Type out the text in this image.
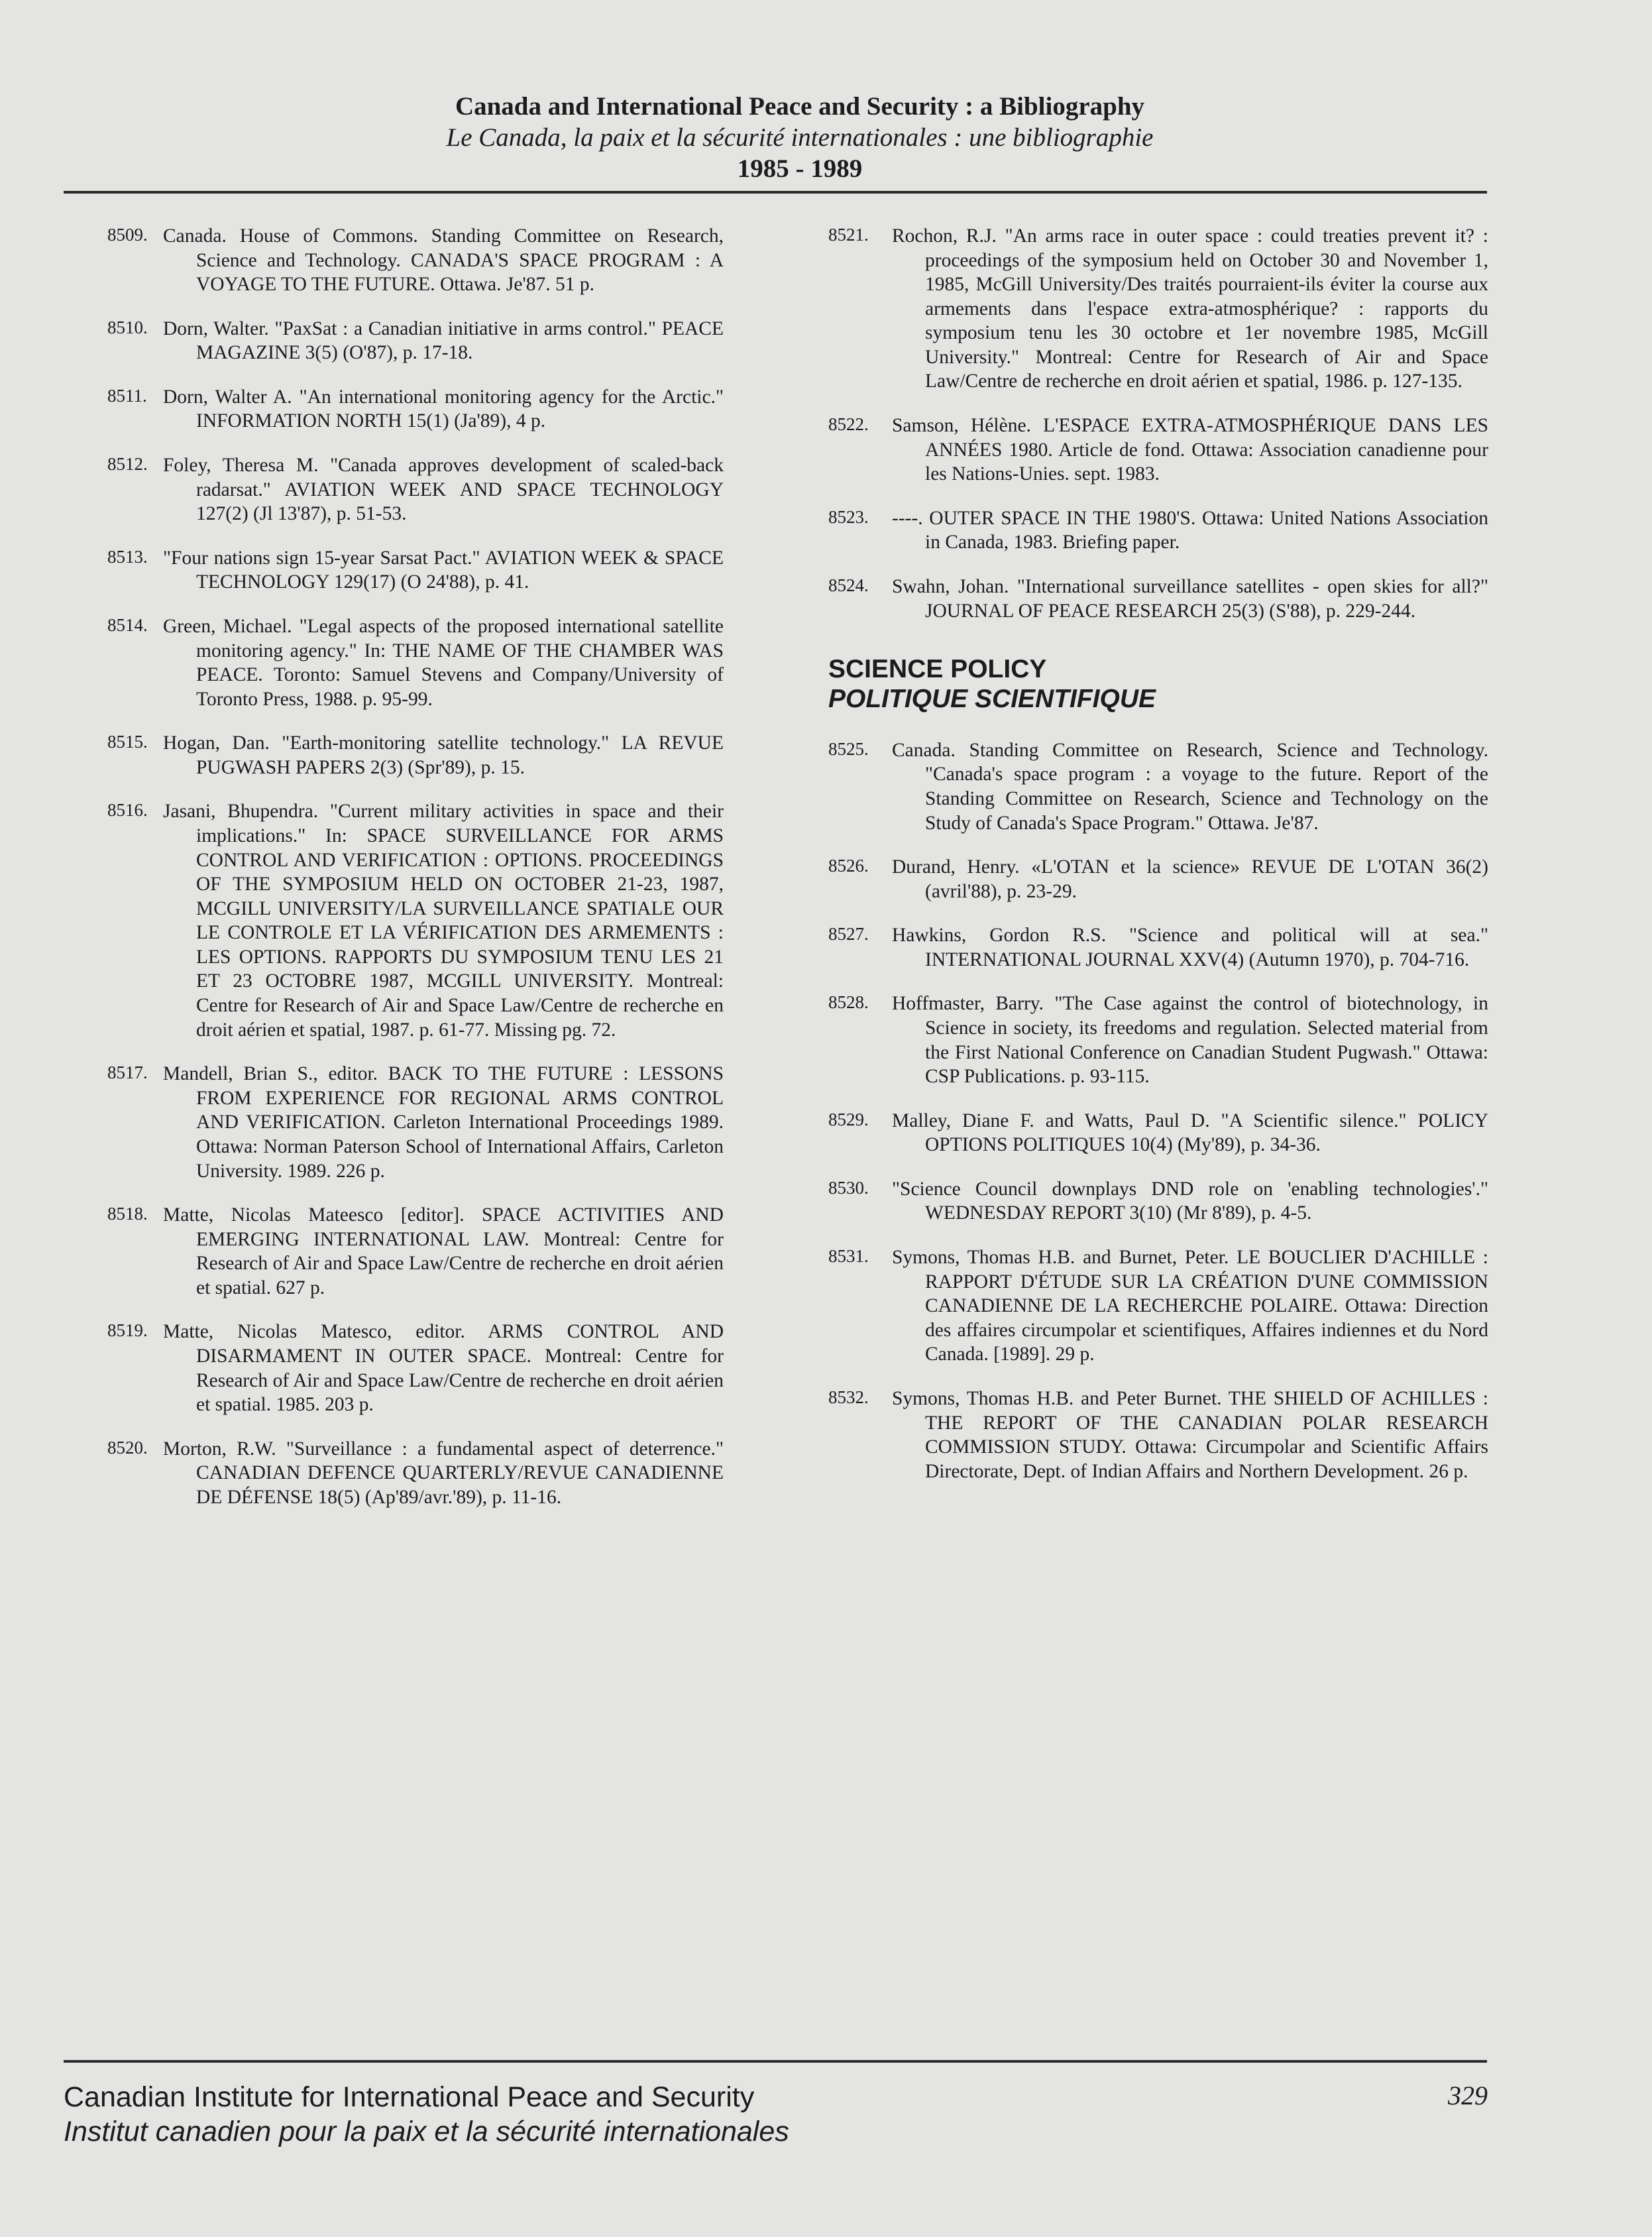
Canada and International Peace and Security : a Bibliography
Le Canada, la paix et la sécurité internationales : une bibliographie
1985 - 1989
8509. Canada. House of Commons. Standing Committee on Research, Science and Technology. CANADA'S SPACE PROGRAM : A VOYAGE TO THE FUTURE. Ottawa. Je'87. 51 p.
8510. Dorn, Walter. "PaxSat : a Canadian initiative in arms control." PEACE MAGAZINE 3(5) (O'87), p. 17-18.
8511. Dorn, Walter A. "An international monitoring agency for the Arctic." INFORMATION NORTH 15(1) (Ja'89), 4 p.
8512. Foley, Theresa M. "Canada approves development of scaled-back radarsat." AVIATION WEEK AND SPACE TECHNOLOGY 127(2) (Jl 13'87), p. 51-53.
8513. "Four nations sign 15-year Sarsat Pact." AVIATION WEEK & SPACE TECHNOLOGY 129(17) (O 24'88), p. 41.
8514. Green, Michael. "Legal aspects of the proposed international satellite monitoring agency." In: THE NAME OF THE CHAMBER WAS PEACE. Toronto: Samuel Stevens and Company/University of Toronto Press, 1988. p. 95-99.
8515. Hogan, Dan. "Earth-monitoring satellite technology." LA REVUE PUGWASH PAPERS 2(3) (Spr'89), p. 15.
8516. Jasani, Bhupendra. "Current military activities in space and their implications." In: SPACE SURVEILLANCE FOR ARMS CONTROL AND VERIFICATION : OPTIONS. PROCEEDINGS OF THE SYMPOSIUM HELD ON OCTOBER 21-23, 1987, MCGILL UNIVERSITY/LA SURVEILLANCE SPATIALE OUR LE CONTROLE ET LA VÉRIFICATION DES ARMEMENTS : LES OPTIONS. RAPPORTS DU SYMPOSIUM TENU LES 21 ET 23 OCTOBRE 1987, MCGILL UNIVERSITY. Montreal: Centre for Research of Air and Space Law/Centre de recherche en droit aérien et spatial, 1987. p. 61-77. Missing pg. 72.
8517. Mandell, Brian S., editor. BACK TO THE FUTURE : LESSONS FROM EXPERIENCE FOR REGIONAL ARMS CONTROL AND VERIFICATION. Carleton International Proceedings 1989. Ottawa: Norman Paterson School of International Affairs, Carleton University. 1989. 226 p.
8518. Matte, Nicolas Mateesco [editor]. SPACE ACTIVITIES AND EMERGING INTERNATIONAL LAW. Montreal: Centre for Research of Air and Space Law/Centre de recherche en droit aérien et spatial. 627 p.
8519. Matte, Nicolas Matesco, editor. ARMS CONTROL AND DISARMAMENT IN OUTER SPACE. Montreal: Centre for Research of Air and Space Law/Centre de recherche en droit aérien et spatial. 1985. 203 p.
8520. Morton, R.W. "Surveillance : a fundamental aspect of deterrence." CANADIAN DEFENCE QUARTERLY/REVUE CANADIENNE DE DÉFENSE 18(5) (Ap'89/avr.'89), p. 11-16.
8521.	Rochon, R.J. "An arms race in outer space : could treaties prevent it? : proceedings of the symposium held on October 30 and November 1, 1985, McGill University/Des traités pourraient-ils éviter la course aux armements dans l'espace extra-atmosphérique? : rapports du symposium tenu les 30 octobre et 1er novembre 1985, McGill University." Montreal: Centre for Research of Air and Space Law/Centre de recherche en droit aérien et spatial, 1986. p. 127-135.
8522.	Samson, Hélène. L'ESPACE EXTRA-ATMOSPHÉRIQUE DANS LES ANNÉES 1980. Article de fond. Ottawa: Association canadienne pour les Nations-Unies. sept. 1983.
8523.	----. OUTER SPACE IN THE 1980'S. Ottawa: United Nations Association in Canada, 1983. Briefing paper.
8524.	Swahn, Johan. "International surveillance satellites - open skies for all?" JOURNAL OF PEACE RESEARCH 25(3) (S'88), p. 229-244.
SCIENCE POLICY
POLITIQUE SCIENTIFIQUE
8525.	Canada. Standing Committee on Research, Science and Technology. "Canada's space program : a voyage to the future. Report of the Standing Committee on Research, Science and Technology on the Study of Canada's Space Program." Ottawa. Je'87.
8526.	Durand, Henry. «L'OTAN et la science» REVUE DE L'OTAN 36(2) (avril'88), p. 23-29.
8527.	Hawkins, Gordon R.S. "Science and political will at sea." INTERNATIONAL JOURNAL XXV(4) (Autumn 1970), p. 704-716.
8528.	Hoffmaster, Barry. "The Case against the control of biotechnology, in Science in society, its freedoms and regulation. Selected material from the First National Conference on Canadian Student Pugwash." Ottawa: CSP Publications. p. 93-115.
8529.	Malley, Diane F. and Watts, Paul D. "A Scientific silence." POLICY OPTIONS POLITIQUES 10(4) (My'89), p. 34-36.
8530.	"Science Council downplays DND role on 'enabling technologies'." WEDNESDAY REPORT 3(10) (Mr 8'89), p. 4-5.
8531.	Symons, Thomas H.B. and Burnet, Peter. LE BOUCLIER D'ACHILLE : RAPPORT D'ÉTUDE SUR LA CRÉATION D'UNE COMMISSION CANADIENNE DE LA RECHERCHE POLAIRE. Ottawa: Direction des affaires circumpolar et scientifiques, Affaires indiennes et du Nord Canada. [1989]. 29 p.
8532.	Symons, Thomas H.B. and Peter Burnet. THE SHIELD OF ACHILLES : THE REPORT OF THE CANADIAN POLAR RESEARCH COMMISSION STUDY. Ottawa: Circumpolar and Scientific Affairs Directorate, Dept. of Indian Affairs and Northern Development. 26 p.
Canadian Institute for International Peace and Security
Institut canadien pour la paix et la sécurité internationales
329
